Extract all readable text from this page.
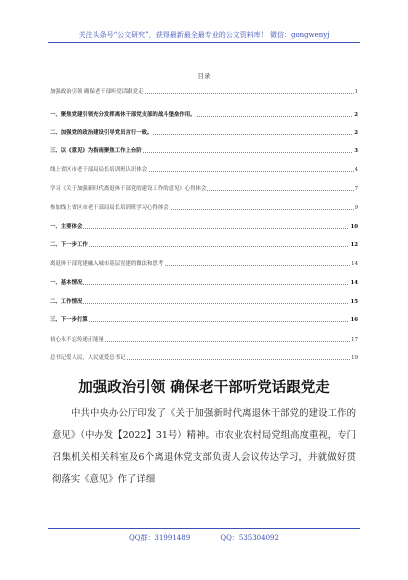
关注头条号“公文研究”，获得最新最全最专业的公文资料库！ 微信：gongwenyj
目录
加强政治引领 确保老干部听党话跟党走	1
一、聚焦党建引领充分发挥离休干部党支部的战斗堡垒作用。	2
二、加强党的政治建设引导党员言行一致。	2
三、以《意见》为指南聚焦工作上台阶	3
线上省区市老干部局局长培训班认识体会	4
学习《关于加强新时代离退休干部党的建设工作的意见》心得体会	7
参加线上省区市老干部局局长培训班学习心得体会	9
一、主要体会	10
二、下一步工作	12
离退休干部党建融入城市基层党建的做法和思考	14
一、基本情况	14
二、工作情况	15
三、下一步打算	16
初心永不忘传递正能量	17
总书记爱人民，人民更爱总书记	19
加强政治引领 确保老干部听党话跟党走
中共中央办公厅印发了《关于加强新时代离退休干部党的建设工作的意见》（中办发【2022】31号）精神。市农业农村局党组高度重视，专门召集机关相关科室及6个离退休党支部负责人会议传达学习，并就做好贯彻落实《意见》作了详细
QQ群：31991489	QQ：535304092
